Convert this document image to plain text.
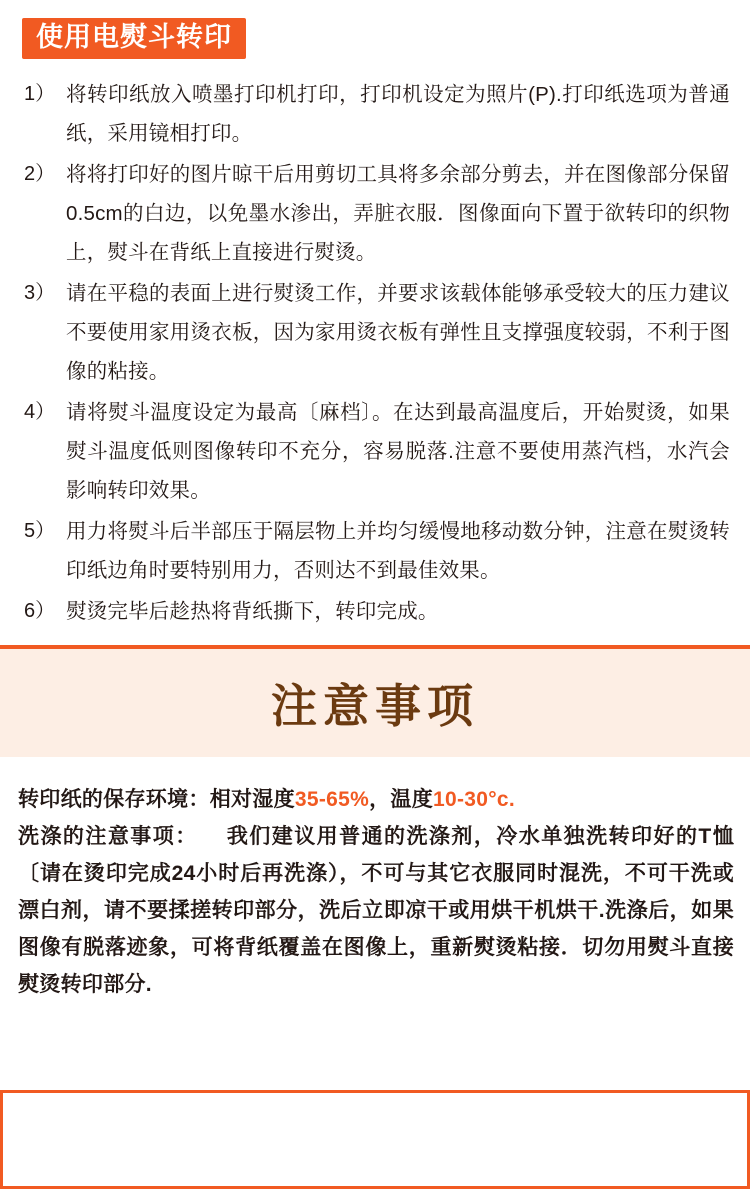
使用电熨斗转印
1） 将转印纸放入喷墨打印机打印，打印机设定为照片(P).打印纸选项为普通纸，采用镜相打印。
2） 将将打印好的图片晾干后用剪切工具将多余部分剪去，并在图像部分保留0.5cm的白边，以免墨水渗出，弄脏衣服．图像面向下置于欲转印的织物上，熨斗在背纸上直接进行熨烫。
3） 请在平稳的表面上进行熨烫工作，并要求该载体能够承受较大的压力建议不要使用家用烫衣板，因为家用烫衣板有弹性且支撑强度较弱，不利于图像的粘接。
4） 请将熨斗温度设定为最高〔麻档〕。在达到最高温度后，开始熨烫，如果熨斗温度低则图像转印不充分，容易脱落.注意不要使用蒸汽档，水汽会影响转印效果。
5） 用力将熨斗后半部压于隔层物上并均匀缓慢地移动数分钟，注意在熨烫转印纸边角时要特别用力，否则达不到最佳效果。
6） 熨烫完毕后趁热将背纸撕下，转印完成。
注意事项
转印纸的保存环境：相对湿度35-65%，温度10-30°c.
洗涤的注意事项： 我们建议用普通的洗涤剂，冷水单独洗转印好的T恤〔请在烫印完成24小时后再洗涤），不可与其它衣服同时混洗，不可干洗或漂白剂，请不要揉搓转印部分，洗后立即凉干或用烘干机烘干.洗涤后，如果图像有脱落迹象，可将背纸覆盖在图像上，重新熨烫粘接．切勿用熨斗直接熨烫转印部分.
